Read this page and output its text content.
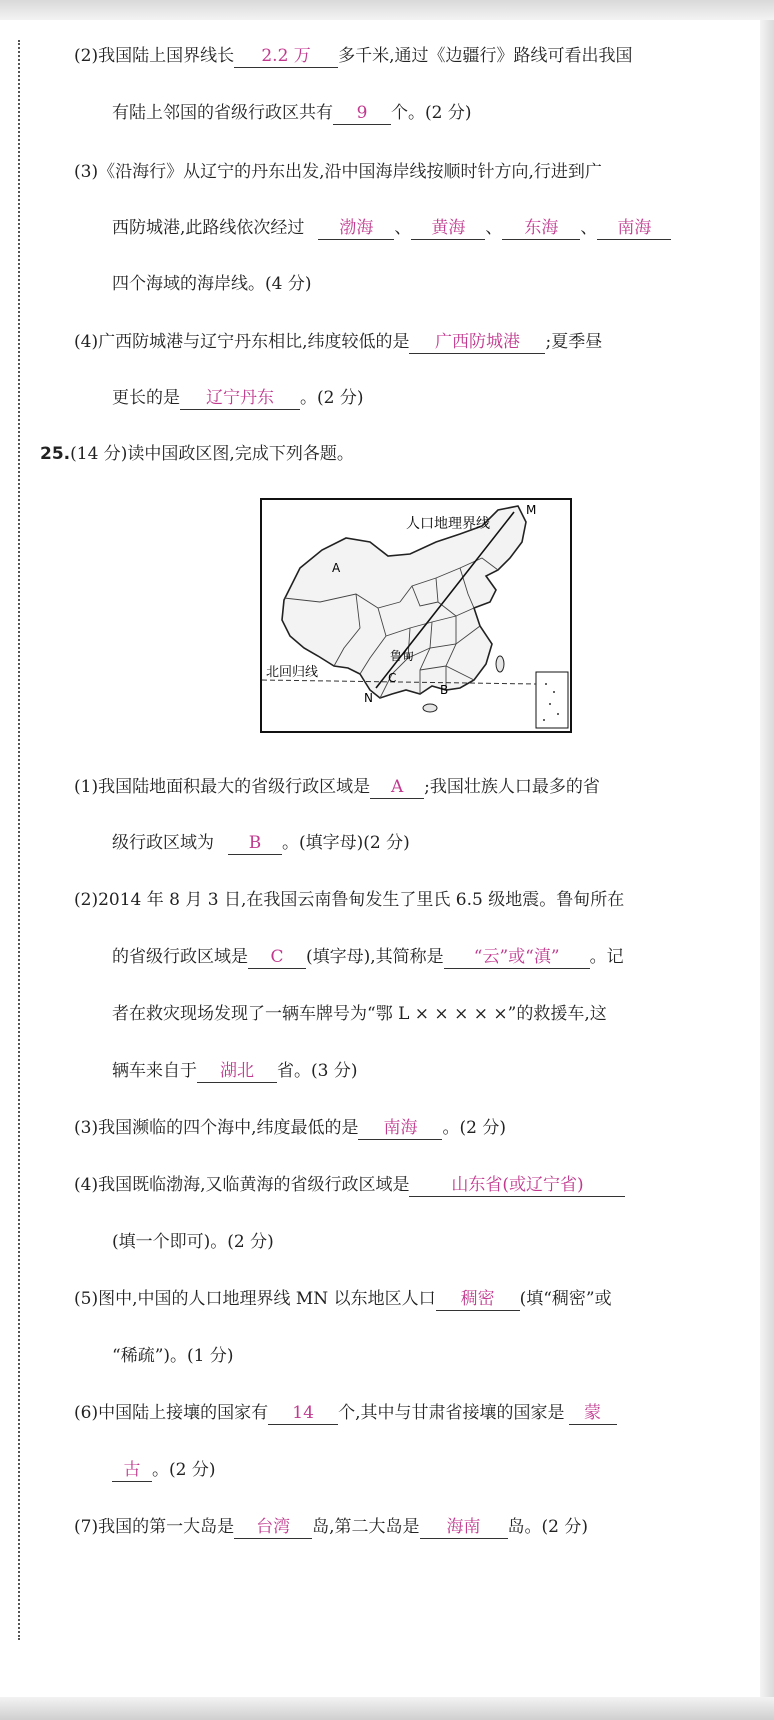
(2)我国陆上国界线长 2.2 万 多千米,通过《边疆行》路线可看出我国
有陆上邻国的省级行政区共有 9 个。(2 分)
(3)《沿海行》从辽宁的丹东出发,沿中国海岸线按顺时针方向,行进到广
西防城港,此路线依次经过 渤海 、 黄海 、 东海 、 南海
四个海域的海岸线。(4 分)
(4)广西防城港与辽宁丹东相比,纬度较低的是 广西防城港 ;夏季昼
更长的是 辽宁丹东 。(2 分)
25.(14 分)读中国政区图,完成下列各题。
人口地理界线
M
N
A
B
C
鲁甸
北回归线
(1)我国陆地面积最大的省级行政区域是 A ;我国壮族人口最多的省
级行政区域为 B 。(填字母)(2 分)
(2)2014 年 8 月 3 日,在我国云南鲁甸发生了里氏 6.5 级地震。鲁甸所在
的省级行政区域是 C (填字母),其简称是 “云”或“滇” 。记
者在救灾现场发现了一辆车牌号为“鄂 L × × × × ×”的救援车,这
辆车来自于 湖北 省。(3 分)
(3)我国濒临的四个海中,纬度最低的是 南海 。(2 分)
(4)我国既临渤海,又临黄海的省级行政区域是 山东省(或辽宁省)
(填一个即可)。(2 分)
(5)图中,中国的人口地理界线 MN 以东地区人口 稠密 (填“稠密”或
“稀疏”)。(1 分)
(6)中国陆上接壤的国家有 14 个,其中与甘肃省接壤的国家是 蒙
古 。(2 分)
(7)我国的第一大岛是 台湾 岛,第二大岛是 海南 岛。(2 分)
